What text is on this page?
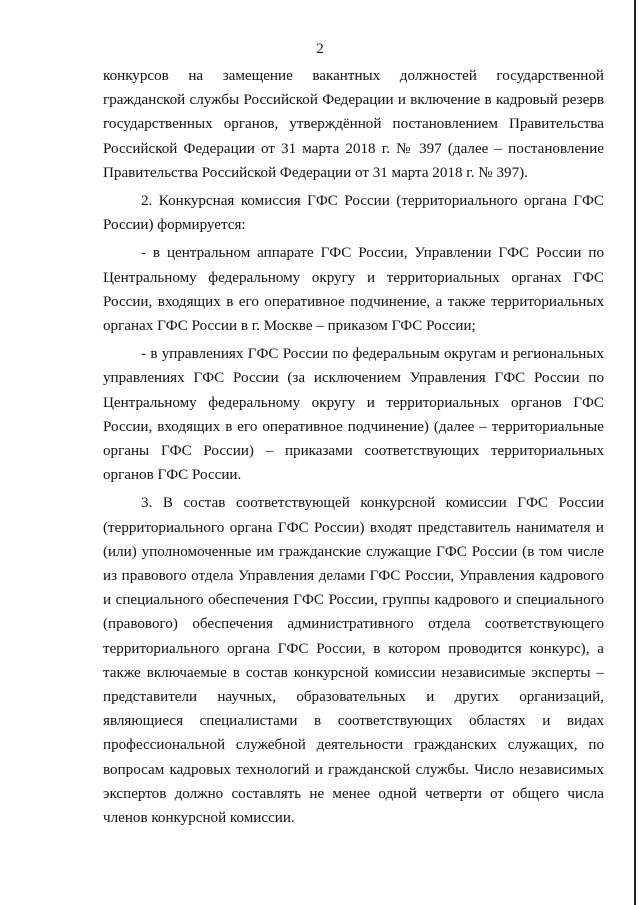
2

конкурсов на замещение вакантных должностей государственной гражданской службы Российской Федерации и включение в кадровый резерв государственных органов, утверждённой постановлением Правительства Российской Федерации от 31 марта 2018 г. № 397 (далее – постановление Правительства Российской Федерации от 31 марта 2018 г. № 397).

2. Конкурсная комиссия ГФС России (территориального органа ГФС России) формируется:

- в центральном аппарате ГФС России, Управлении ГФС России по Центральному федеральному округу и территориальных органах ГФС России, входящих в его оперативное подчинение, а также территориальных органах ГФС России в г. Москве – приказом ГФС России;

- в управлениях ГФС России по федеральным округам и региональных управлениях ГФС России (за исключением Управления ГФС России по Центральному федеральному округу и территориальных органов ГФС России, входящих в его оперативное подчинение) (далее – территориальные органы ГФС России) – приказами соответствующих территориальных органов ГФС России.

3. В состав соответствующей конкурсной комиссии ГФС России (территориального органа ГФС России) входят представитель нанимателя и (или) уполномоченные им гражданские служащие ГФС России (в том числе из правового отдела Управления делами ГФС России, Управления кадрового и специального обеспечения ГФС России, группы кадрового и специального (правового) обеспечения административного отдела соответствующего территориального органа ГФС России, в котором проводится конкурс), а также включаемые в состав конкурсной комиссии независимые эксперты – представители научных, образовательных и других организаций, являющиеся специалистами в соответствующих областях и видах профессиональной служебной деятельности гражданских служащих, по вопросам кадровых технологий и гражданской службы. Число независимых экспертов должно составлять не менее одной четверти от общего числа членов конкурсной комиссии.
